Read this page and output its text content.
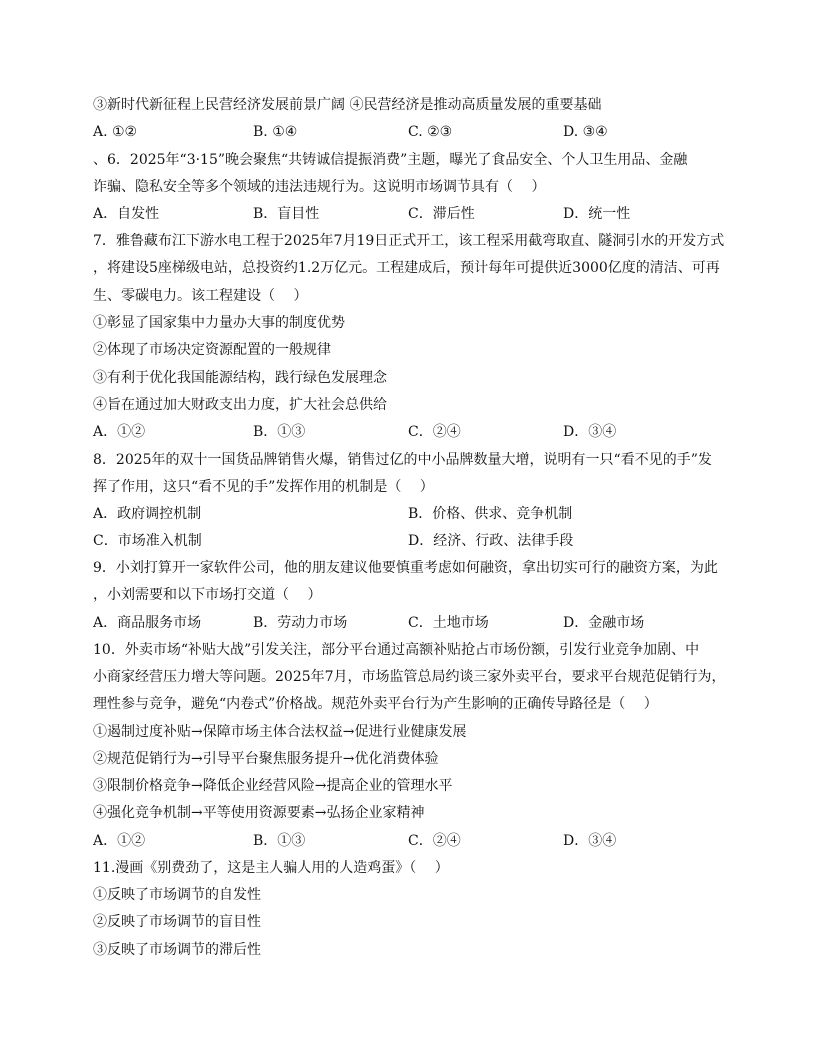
③新时代新征程上民营经济发展前景广阔 ④民营经济是推动高质量发展的重要基础
A. ①②	B. ①④	C. ②③	D. ③④
、6．2025年“3·15”晚会聚焦“共铸诚信提振消费”主题，曝光了食品安全、个人卫生用品、金融
诈骗、隐私安全等多个领域的违法违规行为。这说明市场调节具有（　 ）
A．自发性	B．盲目性	C．滞后性	D．统一性
7．雅鲁藏布江下游水电工程于2025年7月19日正式开工，该工程采用截弯取直、隧洞引水的开发方式
，将建设5座梯级电站，总投资约1.2万亿元。工程建成后，预计每年可提供近3000亿度的清洁、可再
生、零碳电力。该工程建设（　 ）
①彰显了国家集中力量办大事的制度优势
②体现了市场决定资源配置的一般规律
③有利于优化我国能源结构，践行绿色发展理念
④旨在通过加大财政支出力度，扩大社会总供给
A．①②	B．①③	C．②④	D．③④
8．2025年的双十一国货品牌销售火爆，销售过亿的中小品牌数量大增，说明有一只“看不见的手”发
挥了作用，这只“看不见的手”发挥作用的机制是（　 ）
A．政府调控机制	B．价格、供求、竞争机制
C．市场准入机制	D．经济、行政、法律手段
9．小刘打算开一家软件公司，他的朋友建议他要慎重考虑如何融资，拿出切实可行的融资方案，为此
，小刘需要和以下市场打交道（　 ）
A．商品服务市场	B．劳动力市场	C．土地市场	D．金融市场
10．外卖市场“补贴大战”引发关注，部分平台通过高额补贴抢占市场份额，引发行业竞争加剧、中
小商家经营压力增大等问题。2025年7月，市场监管总局约谈三家外卖平台，要求平台规范促销行为，
理性参与竞争，避免“内卷式”价格战。规范外卖平台行为产生影响的正确传导路径是（　 ）
①遏制过度补贴→保障市场主体合法权益→促进行业健康发展
②规范促销行为→引导平台聚焦服务提升→优化消费体验
③限制价格竞争→降低企业经营风险→提高企业的管理水平
④强化竞争机制→平等使用资源要素→弘扬企业家精神
A．①②	B．①③	C．②④	D．③④
11.漫画《别费劲了，这是主人骗人用的人造鸡蛋》（　 ）
①反映了市场调节的自发性
②反映了市场调节的盲目性
③反映了市场调节的滞后性
